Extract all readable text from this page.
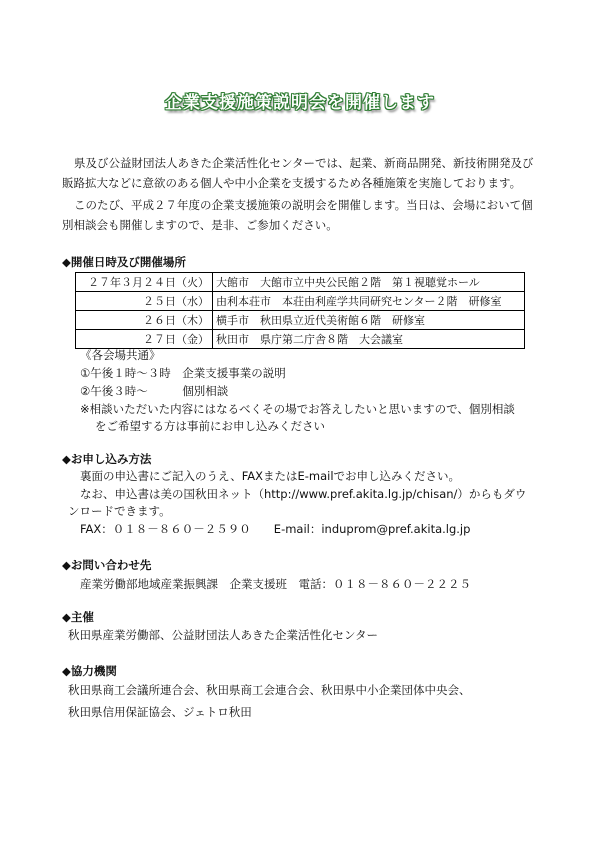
企業支援施策説明会を開催します

県及び公益財団法人あきた企業活性化センターでは、起業、新商品開発、新技術開発及び販路拡大などに意欲のある個人や中小企業を支援するため各種施策を実施しております。

このたび、平成２７年度の企業支援施策の説明会を開催します。当日は、会場において個別相談会も開催しますので、是非、ご参加ください。

◆開催日時及び開催場所
２７年３月２４日（火）	大館市　大館市立中央公民館２階　第１視聴覚ホール
２５日（水）	由利本荘市　本荘由利産学共同研究センター２階　研修室
２６日（木）	横手市　秋田県立近代美術館６階　研修室
２７日（金）	秋田市　県庁第二庁舎８階　大会議室
《各会場共通》
①午後１時～３時　企業支援事業の説明
②午後３時～　　　個別相談
※相談いただいた内容にはなるべくその場でお答えしたいと思いますので、個別相談
をご希望する方は事前にお申し込みください
◆お申し込み方法
裏面の申込書にご記入のうえ、FAXまたはE-mailでお申し込みください。
なお、申込書は美の国秋田ネット（http://www.pref.akita.lg.jp/chisan/）からもダウ
ンロードできます。
FAX：０１８－８６０－２５９０　　E-mail：induprom@pref.akita.lg.jp
◆お問い合わせ先
産業労働部地域産業振興課　企業支援班　電話：０１８－８６０－２２２５
◆主催
秋田県産業労働部、公益財団法人あきた企業活性化センター
◆協力機関
秋田県商工会議所連合会、秋田県商工会連合会、秋田県中小企業団体中央会、
秋田県信用保証協会、ジェトロ秋田
